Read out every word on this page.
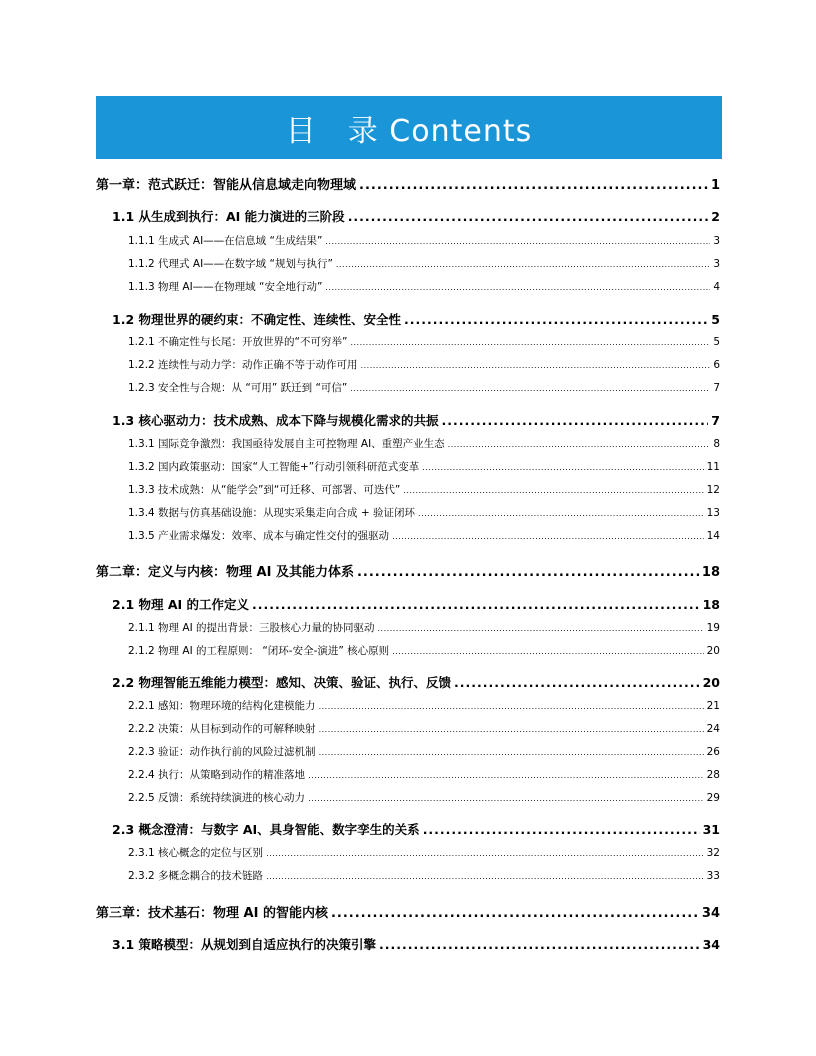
目　录 Contents
第一章：范式跃迁：智能从信息域走向物理域 .....	1
1.1 从生成到执行：AI 能力演进的三阶段 .....	2
1.1.1 生成式 AI——在信息域 “生成结果” .....	3
1.1.2 代理式 AI——在数字域 “规划与执行” .....	3
1.1.3 物理 AI——在物理域 “安全地行动” .....	4
1.2 物理世界的硬约束：不确定性、连续性、安全性 .....	5
1.2.1 不确定性与长尾：开放世界的“不可穷举” .....	5
1.2.2 连续性与动力学：动作正确不等于动作可用 .....	6
1.2.3 安全性与合规：从 “可用” 跃迁到 “可信” .....	7
1.3 核心驱动力：技术成熟、成本下降与规模化需求的共振 .....	7
1.3.1 国际竞争激烈：我国亟待发展自主可控物理 AI、重塑产业生态 .....	8
1.3.2 国内政策驱动：国家“人工智能+”行动引领科研范式变革 .....	11
1.3.3 技术成熟：从“能学会”到“可迁移、可部署、可迭代” .....	12
1.3.4 数据与仿真基础设施：从现实采集走向合成 + 验证闭环 .....	13
1.3.5 产业需求爆发：效率、成本与确定性交付的强驱动 .....	14
第二章：定义与内核：物理 AI 及其能力体系 .....	18
2.1 物理 AI 的工作定义 .....	18
2.1.1 物理 AI 的提出背景：三股核心力量的协同驱动 .....	19
2.1.2 物理 AI 的工程原则： “闭环-安全-演进” 核心原则 .....	20
2.2 物理智能五维能力模型：感知、决策、验证、执行、反馈 .....	20
2.2.1 感知：物理环境的结构化建模能力 .....	21
2.2.2 决策：从目标到动作的可解释映射 .....	24
2.2.3 验证：动作执行前的风险过滤机制 .....	26
2.2.4 执行：从策略到动作的精准落地 .....	28
2.2.5 反馈：系统持续演进的核心动力 .....	29
2.3 概念澄清：与数字 AI、具身智能、数字孪生的关系 .....	31
2.3.1 核心概念的定位与区别 .....	32
2.3.2 多概念耦合的技术链路 .....	33
第三章：技术基石：物理 AI 的智能内核 .....	34
3.1 策略模型：从规划到自适应执行的决策引擎 .....	34
